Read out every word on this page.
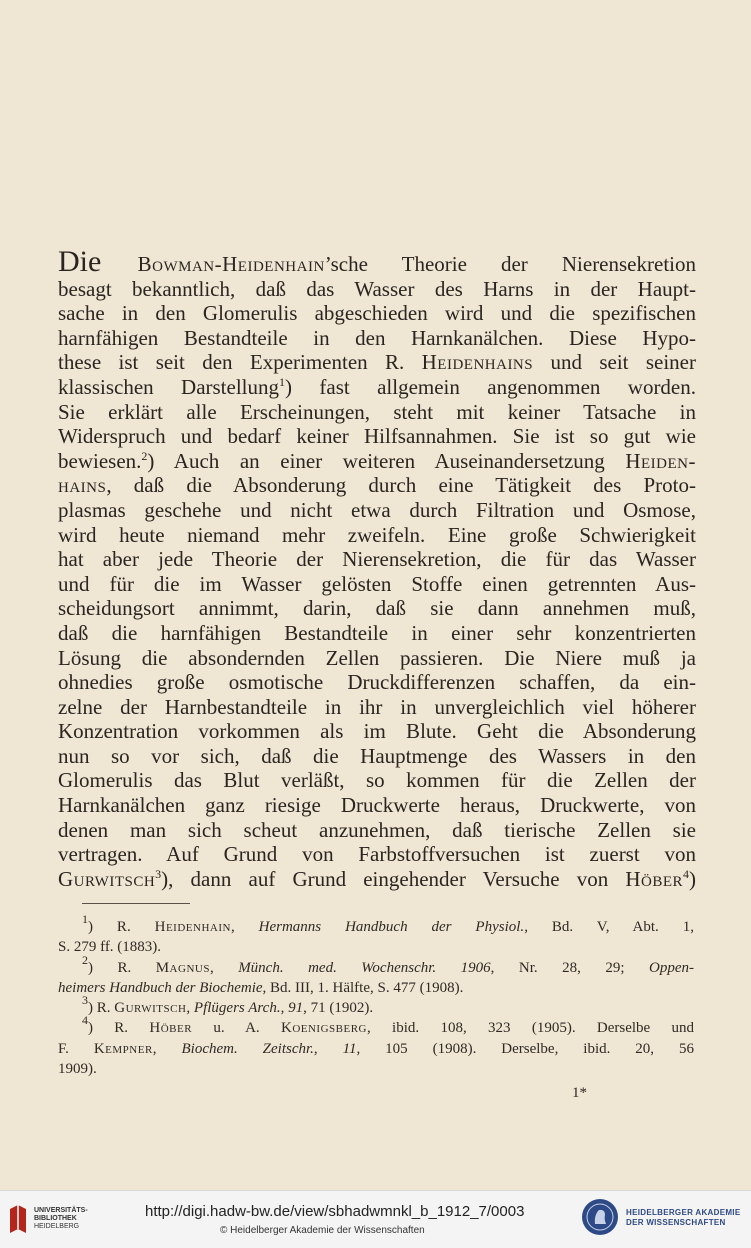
Die Bowman-Heidenhain’sche Theorie der Nierensekretion
besagt bekanntlich, daß das Wasser des Harns in der Haupt-
sache in den Glomerulis abgeschieden wird und die spezifischen
harnfähigen Bestandteile in den Harnkanälchen. Diese Hypo-
these ist seit den Experimenten R. Heidenhains und seit seiner
klassischen Darstellung$^1$) fast allgemein angenommen worden.
Sie erklärt alle Erscheinungen, steht mit keiner Tatsache in
Widerspruch und bedarf keiner Hilfsannahmen. Sie ist so gut wie
bewiesen.$^2$) Auch an einer weiteren Auseinandersetzung Heiden-
hains, daß die Absonderung durch eine Tätigkeit des Proto-
plasmas geschehe und nicht etwa durch Filtration und Osmose,
wird heute niemand mehr zweifeln. Eine große Schwierigkeit
hat aber jede Theorie der Nierensekretion, die für das Wasser
und für die im Wasser gelösten Stoffe einen getrennten Aus-
scheidungsort annimmt, darin, daß sie dann annehmen muß,
daß die harnfähigen Bestandteile in einer sehr konzentrierten
Lösung die absondernden Zellen passieren. Die Niere muß ja
ohnedies große osmotische Druckdifferenzen schaffen, da ein-
zelne der Harnbestandteile in ihr in unvergleichlich viel höherer
Konzentration vorkommen als im Blute. Geht die Absonderung
nun so vor sich, daß die Hauptmenge des Wassers in den
Glomerulis das Blut verläßt, so kommen für die Zellen der
Harnkanälchen ganz riesige Druckwerte heraus, Druckwerte, von
denen man sich scheut anzunehmen, daß tierische Zellen sie
vertragen. Auf Grund von Farbstoffversuchen ist zuerst von
Gurwitsch$^3$), dann auf Grund eingehender Versuche von Höber$^4$)
$^1$) R. Heidenhain, Hermanns Handbuch der Physiol., Bd. V, Abt. 1,
S. 279 ff. (1883).
$^2$) R. Magnus, Münch. med. Wochenschr. 1906, Nr. 28, 29; Oppen-
heimers Handbuch der Biochemie, Bd. III, 1. Hälfte, S. 477 (1908).
$^3$) R. Gurwitsch, Pflügers Arch., 91, 71 (1902).
$^4$) R. Höber u. A. Koenigsberg, ibid. 108, 323 (1905). Derselbe und
F. Kempner, Biochem. Zeitschr., 11, 105 (1908). Derselbe, ibid. 20, 56
1909).
1*
UNIVERSITÄTS-
BIBLIOTHEK
HEIDELBERG
http://digi.hadw-bw.de/view/sbhadwmnkl_b_1912_7/0003
© Heidelberger Akademie der Wissenschaften
HEIDELBERGER AKADEMIE
DER WISSENSCHAFTEN
